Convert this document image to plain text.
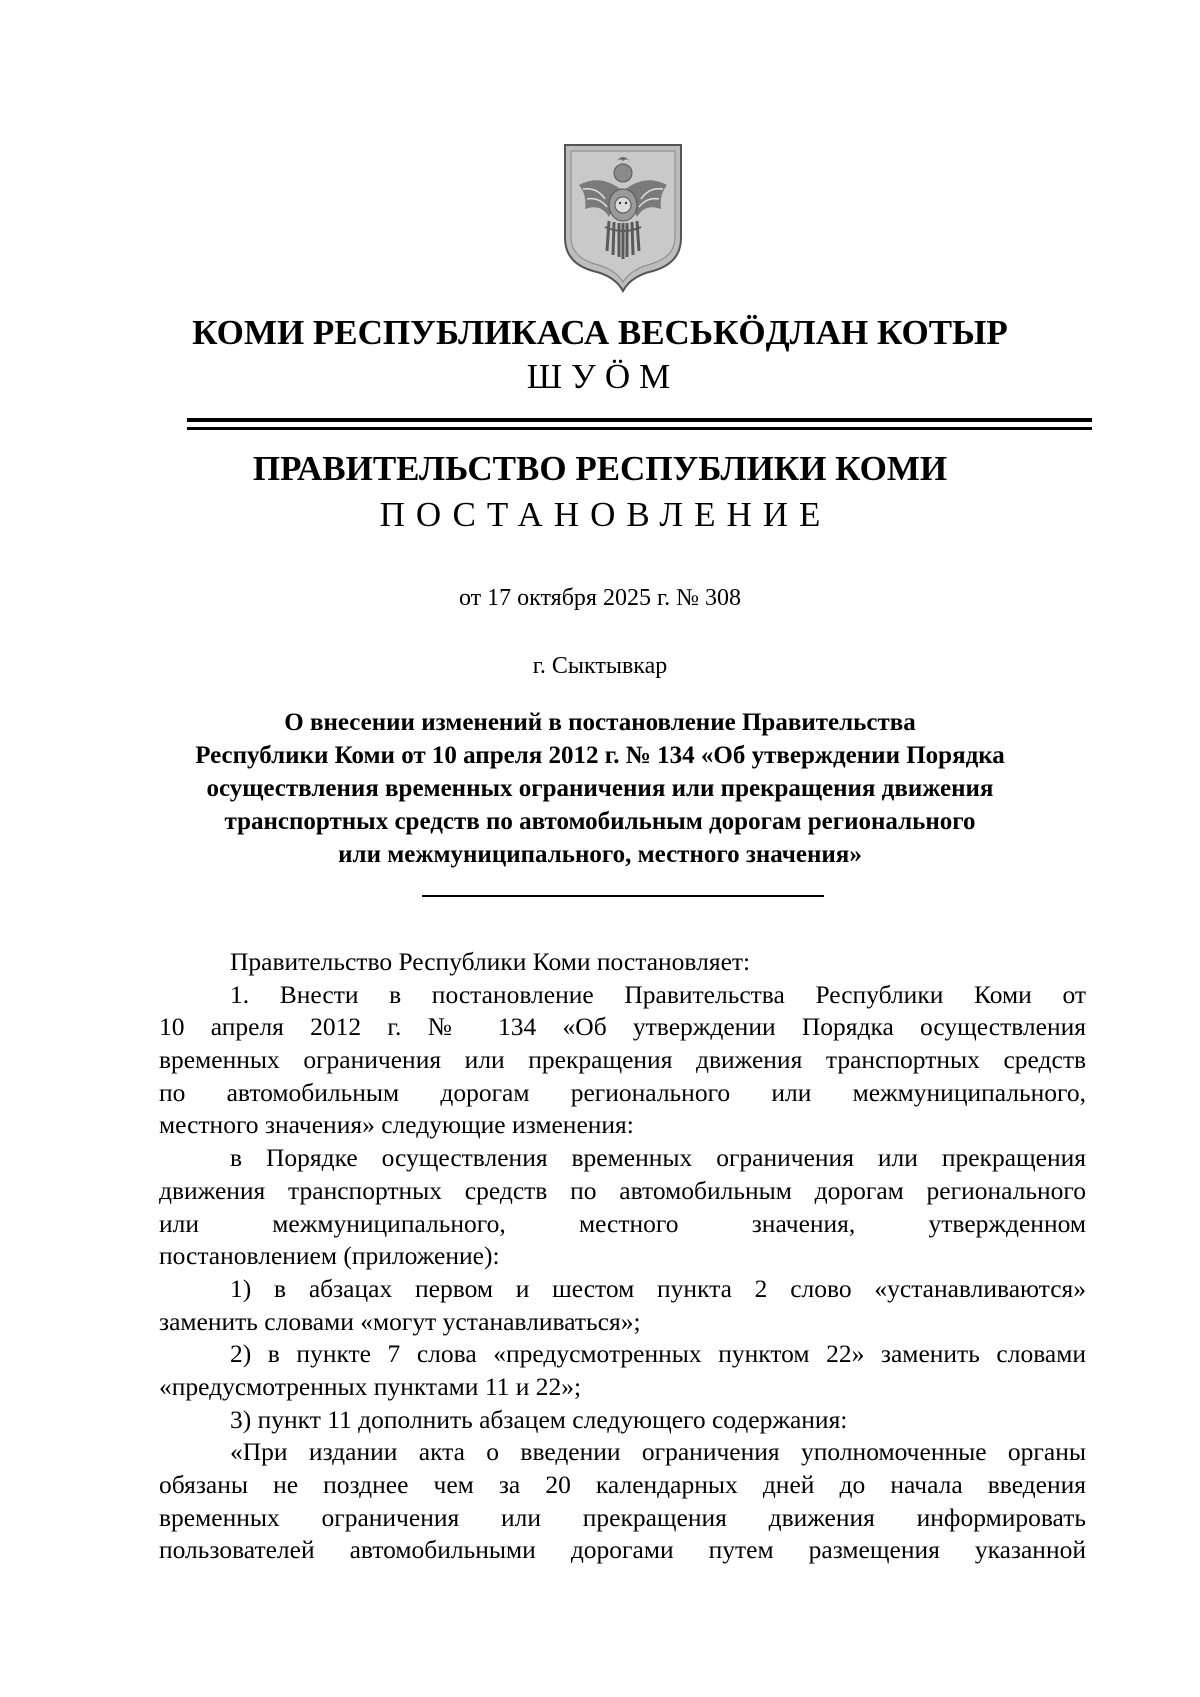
КОМИ РЕСПУБЛИКАСА ВЕСЬКӦДЛАН КОТЫР
ШУӦМ
ПРАВИТЕЛЬСТВО РЕСПУБЛИКИ КОМИ
ПОСТАНОВЛЕНИЕ
от 17 октября 2025 г. № 308
г. Сыктывкар
О внесении изменений в постановление Правительства
Республики Коми от 10 апреля 2012 г. № 134 «Об утверждении Порядка
осуществления временных ограничения или прекращения движения
транспортных средств по автомобильным дорогам регионального
или межмуниципального, местного значения»
Правительство Республики Коми постановляет:
1. Внести в постановление Правительства Республики Коми от
10 апреля 2012 г. № 134 «Об утверждении Порядка осуществления
временных ограничения или прекращения движения транспортных средств
по автомобильным дорогам регионального или межмуниципального,
местного значения» следующие изменения:
в Порядке осуществления временных ограничения или прекращения
движения транспортных средств по автомобильным дорогам регионального
или межмуниципального, местного значения, утвержденном
постановлением (приложение):
1) в абзацах первом и шестом пункта 2 слово «устанавливаются»
заменить словами «могут устанавливаться»;
2) в пункте 7 слова «предусмотренных пунктом 22» заменить словами
«предусмотренных пунктами 11 и 22»;
3) пункт 11 дополнить абзацем следующего содержания:
«При издании акта о введении ограничения уполномоченные органы
обязаны не позднее чем за 20 календарных дней до начала введения
временных ограничения или прекращения движения информировать
пользователей автомобильными дорогами путем размещения указанной
